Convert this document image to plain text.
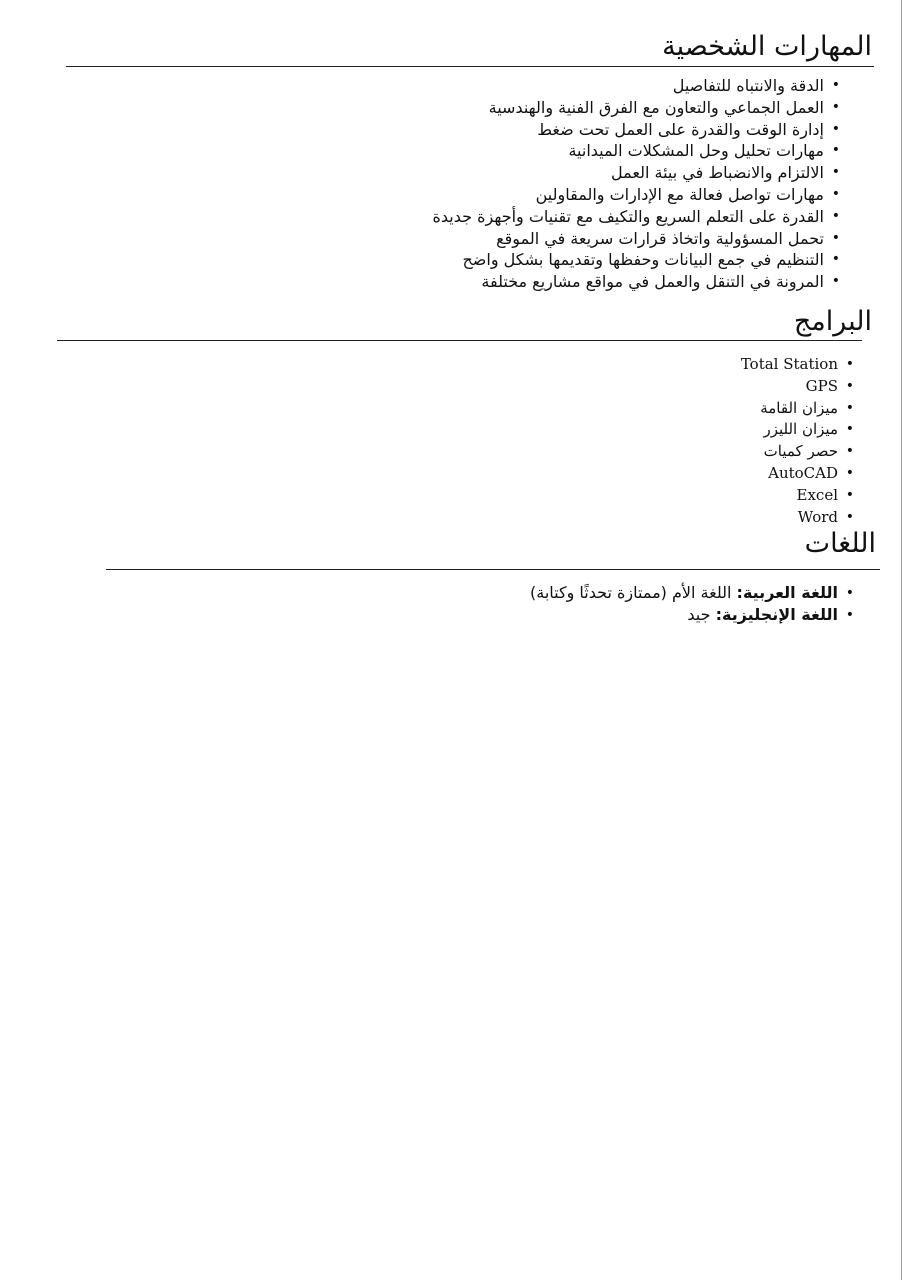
المهارات الشخصية
•
الدقة والانتباه للتفاصيل
•
العمل الجماعي والتعاون مع الفرق الفنية والهندسية
•
إدارة الوقت والقدرة على العمل تحت ضغط
•
مهارات تحليل وحل المشكلات الميدانية
•
الالتزام والانضباط في بيئة العمل
•
مهارات تواصل فعالة مع الإدارات والمقاولين
•
القدرة على التعلم السريع والتكيف مع تقنيات وأجهزة جديدة
•
تحمل المسؤولية واتخاذ قرارات سريعة في الموقع
•
التنظيم في جمع البيانات وحفظها وتقديمها بشكل واضح
•
المرونة في التنقل والعمل في مواقع مشاريع مختلفة
البرامج
•
Total Station
•
GPS
•
ميزان القامة
•
ميزان الليزر
•
حصر كميات
•
AutoCAD
•
Excel
•
Word
اللغات
•
اللغة العربية: اللغة الأم (ممتازة تحدثًا وكتابة)
•
اللغة الإنجليزية: جيد
